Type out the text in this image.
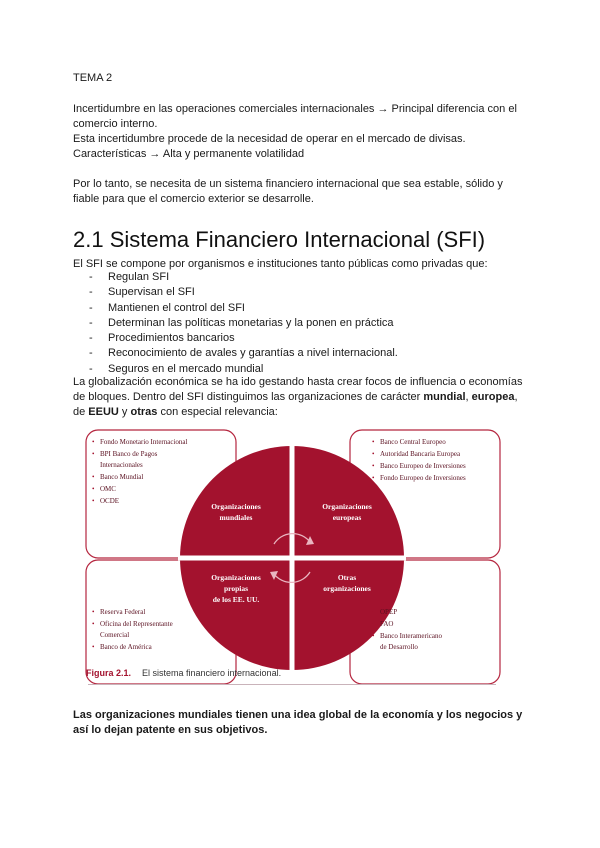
TEMA 2

Incertidumbre en las operaciones comerciales internacionales → Principal diferencia con el

comercio interno.

Esta incertidumbre procede de la necesidad de operar en el mercado de divisas.

Características → Alta y permanente volatilidad

Por lo tanto, se necesita de un sistema financiero internacional que sea estable, sólido y

fiable para que el comercio exterior se desarrolle.

2.1 Sistema Financiero Internacional (SFI)

El SFI se compone por organismos e instituciones tanto públicas como privadas que:

- Regulan SFI
- Supervisan el SFI
- Mantienen el control del SFI
- Determinan las políticas monetarias y la ponen en práctica
- Procedimientos bancarios
- Reconocimiento de avales y garantías a nivel internacional.
- Seguros en el mercado mundial

La globalización económica se ha ido gestando hasta crear focos de influencia o economías

de bloques. Dentro del SFI distinguimos las organizaciones de carácter mundial, europea,

de EEUU y otras con especial relevancia:

Organizaciones
mundiales
Organizaciones
europeas
Organizaciones
propias
de los EE. UU.
Otras
organizaciones
• Fondo Monetario Internacional
• BPI Banco de Pagos
Internacionales
• Banco Mundial
• OMC
• OCDE
• Banco Central Europeo
• Autoridad Bancaria Europea
• Banco Europeo de Inversiones
• Fondo Europeo de Inversiones
• Reserva Federal
• Oficina del Representante
Comercial
• Banco de América
• OPEP
• FAO
• Banco Interamericano
de Desarrollo
Figura 2.1. El sistema financiero internacional.

Las organizaciones mundiales tienen una idea global de la economía y los negocios y

así lo dejan patente en sus objetivos.
